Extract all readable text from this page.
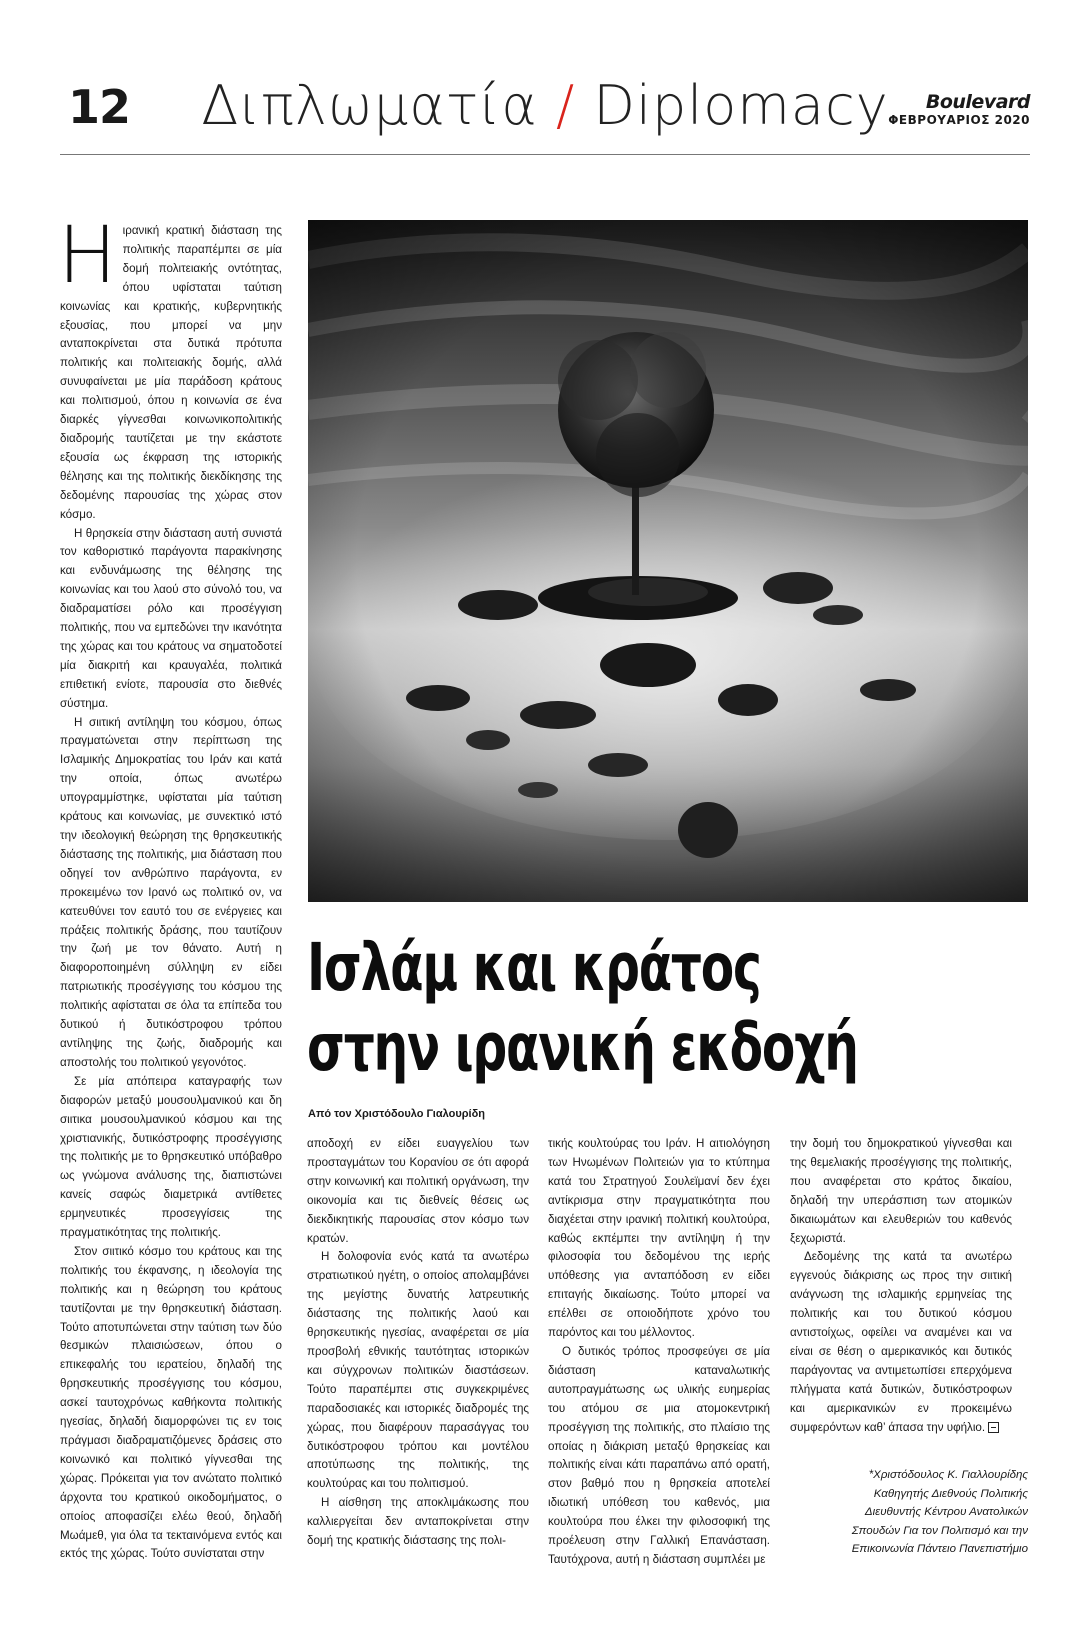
12	Διπλωματία / Diplomacy	Boulevard
ΦΕΒΡΟΥΑΡΙΟΣ 2020

Ηιρανική κρατική διάσταση της πολιτικής παραπέμπει σε μία δομή πολιτειακής οντότητας, όπου υφίσταται ταύτιση κοινωνίας και κρατικής, κυβερνητικής εξουσίας, που μπορεί να μην ανταποκρίνεται στα δυτικά πρότυπα πολιτικής και πολιτειακής δομής, αλλά συνυφαίνεται με μία παράδοση κράτους και πολιτισμού, όπου η κοινωνία σε ένα διαρκές γίγνεσθαι κοινωνικοπολιτικής διαδρομής ταυτίζεται με την εκάστοτε εξουσία ως έκφραση της ιστορικής θέλησης και της πολιτικής διεκδίκησης της δεδομένης παρουσίας της χώρας στον κόσμο.

Η θρησκεία στην διάσταση αυτή συνιστά τον καθοριστικό παράγοντα παρακίνησης και ενδυνάμωσης της θέλησης της κοινωνίας και του λαού στο σύνολό του, να διαδραματίσει ρόλο και προσέγγιση πολιτικής, που να εμπεδώνει την ικανότητα της χώρας και του κράτους να σηματοδοτεί μία διακριτή και κραυγαλέα, πολιτικά επιθετική ενίοτε, παρουσία στο διεθνές σύστημα.

Η σιιτική αντίληψη του κόσμου, όπως πραγματώνεται στην περίπτωση της Ισλαμικής Δημοκρατίας του Ιράν και κατά την οποία, όπως ανωτέρω υπογραμμίστηκε, υφίσταται μία ταύτιση κράτους και κοινωνίας, με συνεκτικό ιστό την ιδεολογική θεώρηση της θρησκευτικής διάστασης της πολιτικής, μια διάσταση που οδηγεί τον ανθρώπινο παράγοντα, εν προκειμένω τον Ιρανό ως πολιτικό ον, να κατευθύνει τον εαυτό του σε ενέργειες και πράξεις πολιτικής δράσης, που ταυτίζουν την ζωή με τον θάνατο. Αυτή η διαφοροποιημένη σύλληψη εν είδει πατριωτικής προσέγγισης του κόσμου της πολιτικής αφίσταται σε όλα τα επίπεδα του δυτικού ή δυτικόστροφου τρόπου αντίληψης της ζωής, διαδρομής και αποστολής του πολιτικού γεγονότος.

Σε μία απόπειρα καταγραφής των διαφορών μεταξύ μουσουλμανικού και δη σιιτικα μουσουλμανικού κόσμου και της χριστιανικής, δυτικόστροφης προσέγγισης της πολιτικής με το θρησκευτικό υπόβαθρο ως γνώμονα ανάλυσης της, διαπιστώνει κανείς σαφώς διαμετρικά αντίθετες ερμηνευτικές προσεγγίσεις της πραγματικότητας της πολιτικής.

Στον σιιτικό κόσμο του κράτους και της πολιτικής του έκφανσης, η ιδεολογία της πολιτικής και η θεώρηση του κράτους ταυτίζονται με την θρησκευτική διάσταση. Τούτο αποτυπώνεται στην ταύτιση των δύο θεσμικών πλαισιώσεων, όπου ο επικεφαλής του ιερατείου, δηλαδή της θρησκευτικής προσέγγισης του κόσμου, ασκεί ταυτοχρόνως καθήκοντα πολιτικής ηγεσίας, δηλαδή διαμορφώνει τις εν τοις πράγμασι διαδραματιζόμενες δράσεις στο κοινωνικό και πολιτικό γίγνεσθαι της χώρας. Πρόκειται για τον ανώτατο πολιτικό άρχοντα του κρατικού οικοδομήματος, ο οποίος αποφασίζει ελέω θεού, δηλαδή Μωάμεθ, για όλα τα τεκταινόμενα εντός και εκτός της χώρας. Τούτο συνίσταται στην

Ισλάμ και κράτος
στην ιρανική εκδοχή
Από τον Χριστόδουλο Γιαλουρίδη

αποδοχή εν είδει ευαγγελίου των προσταγμάτων του Κορανίου σε ότι αφορά στην κοινωνική και πολιτική οργάνωση, την οικονομία και τις διεθνείς θέσεις ως διεκδικητικής παρουσίας στον κόσμο των κρατών.

Η δολοφονία ενός κατά τα ανωτέρω στρατιωτικού ηγέτη, ο οποίος απολαμβάνει της μεγίστης δυνατής λατρευτικής διάστασης της πολιτικής λαού και θρησκευτικής ηγεσίας, αναφέρεται σε μία προσβολή εθνικής ταυτότητας ιστορικών και σύγχρονων πολιτικών διαστάσεων. Τούτο παραπέμπει στις συγκεκριμένες παραδοσιακές και ιστορικές διαδρομές της χώρας, που διαφέρουν παρασάγγας του δυτικόστροφου τρόπου και μοντέλου αποτύπωσης της πολιτικής, της κουλτούρας και του πολιτισμού.

Η αίσθηση της αποκλιμάκωσης που καλλιεργείται δεν ανταποκρίνεται στην δομή της κρατικής διάστασης της πολι-

τικής κουλτούρας του Ιράν. Η αιτιολόγηση των Ηνωμένων Πολιτειών για το κτύπημα κατά του Στρατηγού Σουλεϊμανί δεν έχει αντίκρισμα στην πραγματικότητα που διαχέεται στην ιρανική πολιτική κουλτούρα, καθώς εκπέμπει την αντίληψη ή την φιλοσοφία του δεδομένου της ιερής υπόθεσης για ανταπόδοση εν είδει επιταγής δικαίωσης. Τούτο μπορεί να επέλθει σε οποιοδήποτε χρόνο του παρόντος και του μέλλοντος.

Ο δυτικός τρόπος προσφεύγει σε μία διάσταση καταναλωτικής αυτοπραγμάτωσης ως υλικής ευημερίας του ατόμου σε μια ατομοκεντρική προσέγγιση της πολιτικής, στο πλαίσιο της οποίας η διάκριση μεταξύ θρησκείας και πολιτικής είναι κάτι παραπάνω από ορατή, στον βαθμό που η θρησκεία αποτελεί ιδιωτική υπόθεση του καθενός, μια κουλτούρα που έλκει την φιλοσοφική της προέλευση στην Γαλλική Επανάσταση. Ταυτόχρονα, αυτή η διάσταση συμπλέει με

την δομή του δημοκρατικού γίγνεσθαι και της θεμελιακής προσέγγισης της πολιτικής, που αναφέρεται στο κράτος δικαίου, δηλαδή την υπεράσπιση των ατομικών δικαιωμάτων και ελευθεριών του καθενός ξεχωριστά.

Δεδομένης της κατά τα ανωτέρω εγγενούς διάκρισης ως προς την σιιτική ανάγνωση της ισλαμικής ερμηνείας της πολιτικής και του δυτικού κόσμου αντιστοίχως, οφείλει να αναμένει και να είναι σε θέση ο αμερικανικός και δυτικός παράγοντας να αντιμετωπίσει επερχόμενα πλήγματα κατά δυτικών, δυτικόστροφων και αμερικανικών εν προκειμένω συμφερόντων καθ’ άπασα την υφήλιο.

*Χριστόδουλος Κ. Γιαλλουρίδης
Καθηγητής Διεθνούς Πολιτικής
Διευθυντής Κέντρου Ανατολικών
Σπουδών Για τον Πολιτισμό και την
Επικοινωνία Πάντειο Πανεπιστήμιο
